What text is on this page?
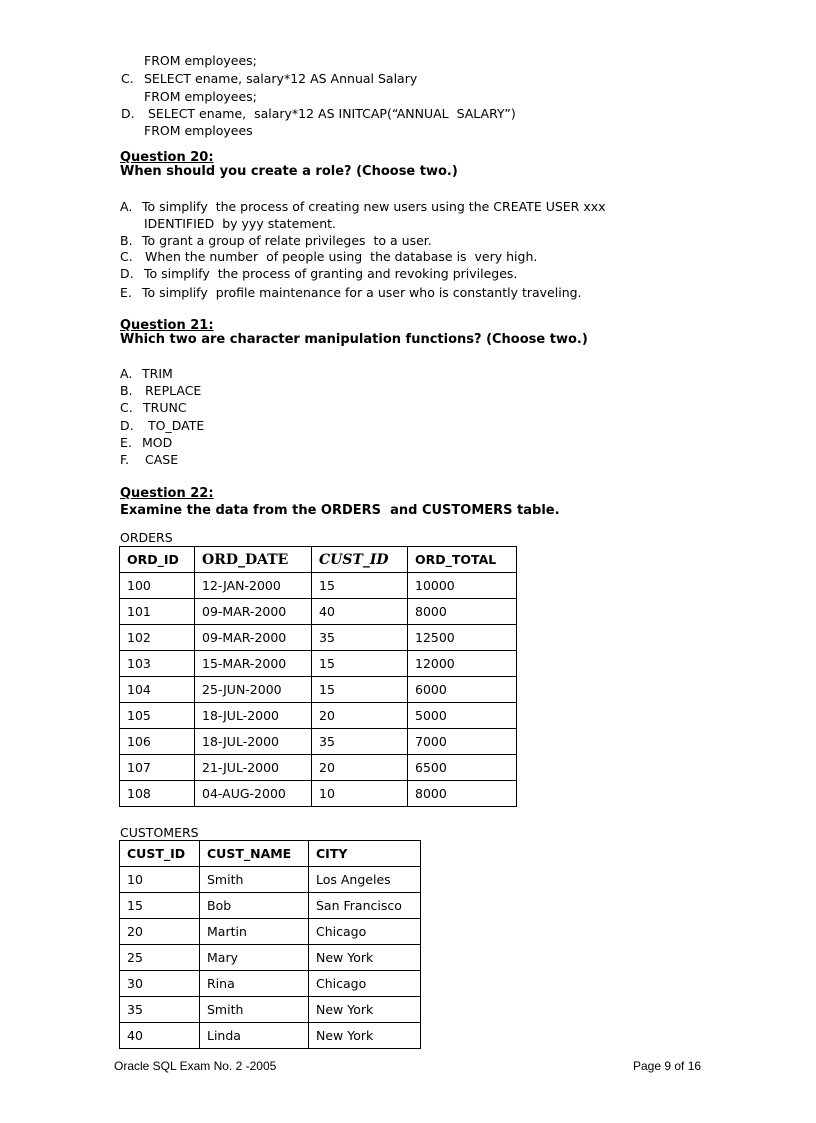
FROM employees;
C. SELECT ename, salary*12 AS Annual Salary
FROM employees;
D. SELECT ename,  salary*12 AS INITCAP(“ANNUAL  SALARY”)
FROM employees
Question 20:
When should you create a role? (Choose two.)
A. To simplify  the process of creating new users using the CREATE USER xxx
IDENTIFIED  by yyy statement.
B. To grant a group of relate privileges  to a user.
C. When the number  of people using  the database is  very high.
D. To simplify  the process of granting and revoking privileges.
E. To simplify  profile maintenance for a user who is constantly traveling.
Question 21:
Which two are character manipulation functions? (Choose two.)
A. TRIM
B. REPLACE
C. TRUNC
D. TO_DATE
E. MOD
F. CASE
Question 22:
Examine the data from the ORDERS  and CUSTOMERS table.
ORDERS
ORD_ID	ORD_DATE	CUST_ID	ORD_TOTAL
100	12-JAN-2000	15	10000
101	09-MAR-2000	40	8000
102	09-MAR-2000	35	12500
103	15-MAR-2000	15	12000
104	25-JUN-2000	15	6000
105	18-JUL-2000	20	5000
106	18-JUL-2000	35	7000
107	21-JUL-2000	20	6500
108	04-AUG-2000	10	8000
CUSTOMERS
CUST_ID	CUST_NAME	CITY
10	Smith	Los Angeles
15	Bob	San Francisco
20	Martin	Chicago
25	Mary	New York
30	Rina	Chicago
35	Smith	New York
40	Linda	New York
Oracle SQL Exam No. 2 -2005	Page 9 of 16
